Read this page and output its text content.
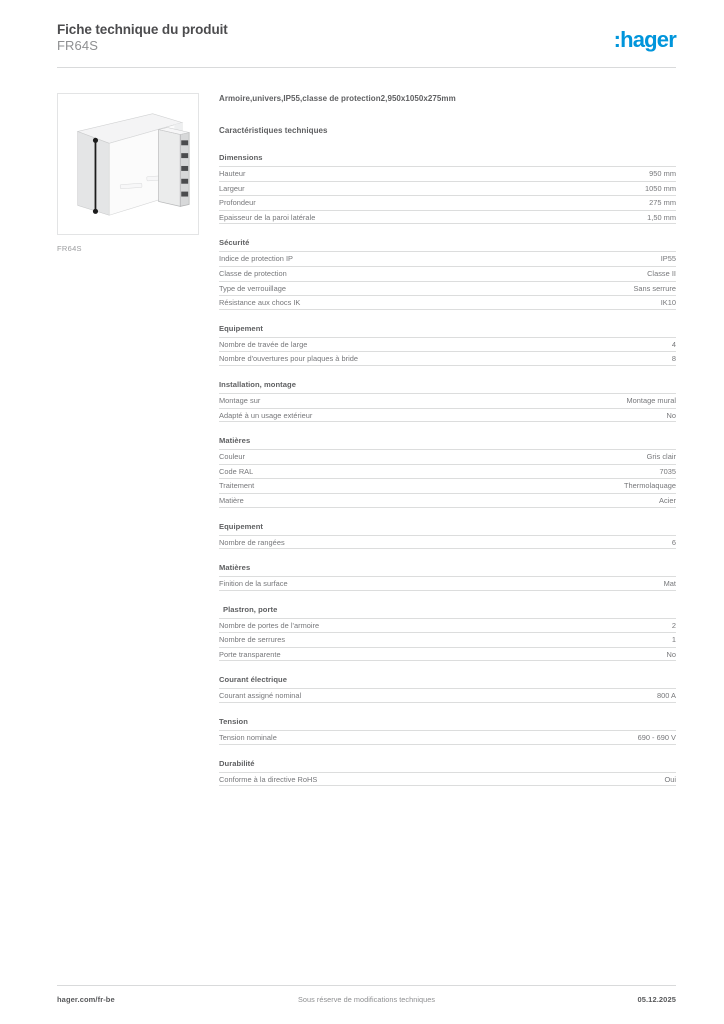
Fiche technique du produit
FR64S	:hager
FR64S
Armoire,univers,IP55,classe de protection2,950x1050x275mm
Caractéristiques techniques
Dimensions
Hauteur	950 mm
Largeur	1050 mm
Profondeur	275 mm
Epaisseur de la paroi latérale	1,50 mm
Sécurité
Indice de protection IP	IP55
Classe de protection	Classe II
Type de verrouillage	Sans serrure
Résistance aux chocs IK	IK10
Equipement
Nombre de travée de large	4
Nombre d'ouvertures pour plaques à bride	8
Installation, montage
Montage sur	Montage mural
Adapté à un usage extérieur	No
Matières
Couleur	Gris clair
Code RAL	7035
Traitement	Thermolaquage
Matière	Acier
Equipement
Nombre de rangées	6
Matières
Finition de la surface	Mat
Plastron, porte
Nombre de portes de l'armoire	2
Nombre de serrures	1
Porte transparente	No
Courant électrique
Courant assigné nominal	800 A
Tension
Tension nominale	690 - 690 V
Durabilité
Conforme à la directive RoHS	Oui
hager.com/fr-be	Sous réserve de modifications techniques	05.12.2025
